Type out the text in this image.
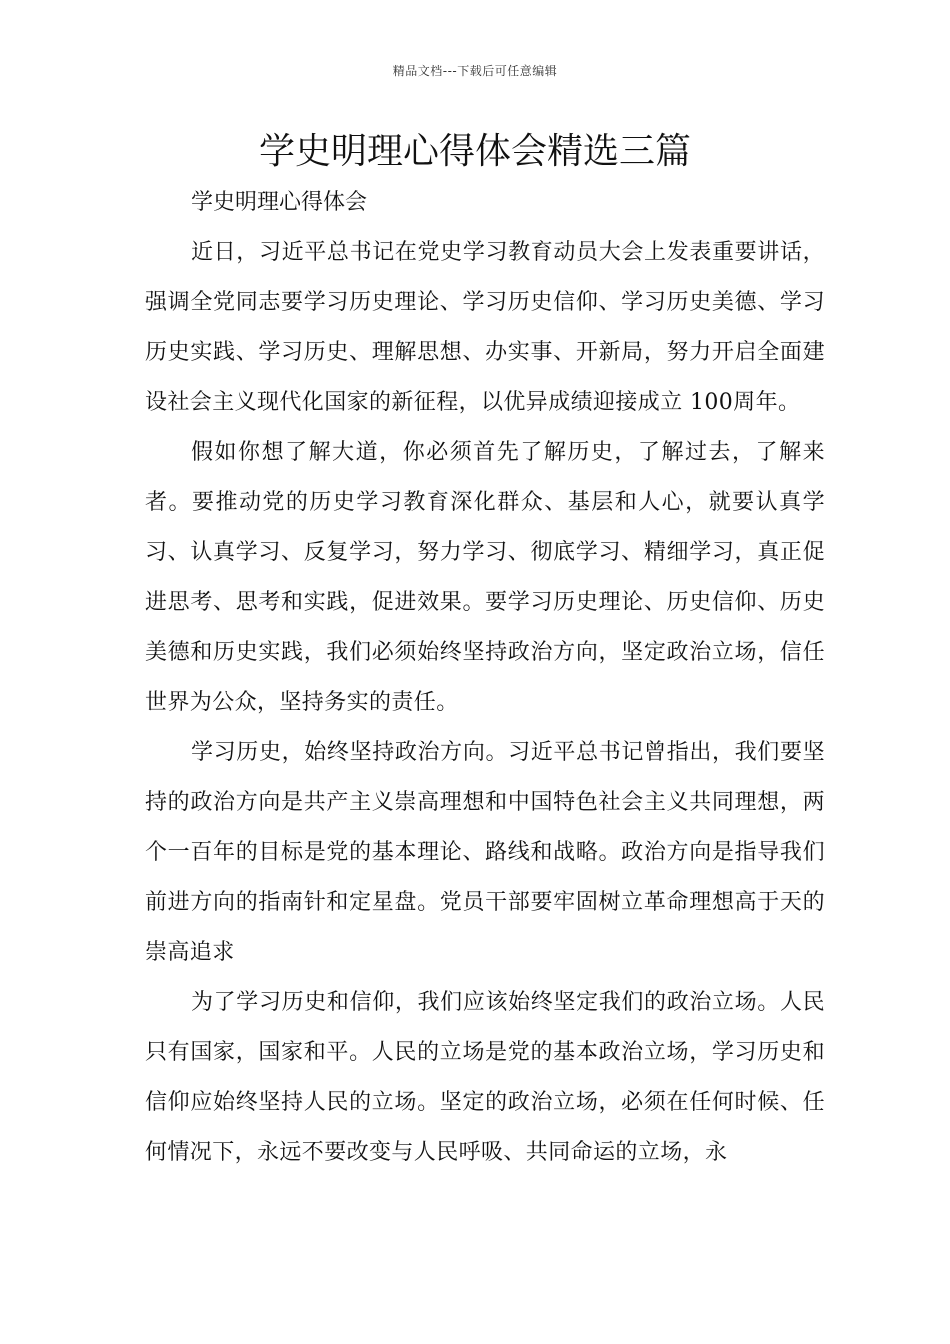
精品文档---下载后可任意编辑
学史明理心得体会精选三篇

学史明理心得体会

近日，习近平总书记在党史学习教育动员大会上发表重要讲话，强调全党同志要学习历史理论、学习历史信仰、学习历史美德、学习历史实践、学习历史、理解思想、办实事、开新局，努力开启全面建设社会主义现代化国家的新征程，以优异成绩迎接成立 100周年。

假如你想了解大道，你必须首先了解历史，了解过去，了解来者。要推动党的历史学习教育深化群众、基层和人心，就要认真学习、认真学习、反复学习，努力学习、彻底学习、精细学习，真正促进思考、思考和实践，促进效果。要学习历史理论、历史信仰、历史美德和历史实践，我们必须始终坚持政治方向，坚定政治立场，信任世界为公众，坚持务实的责任。

学习历史，始终坚持政治方向。习近平总书记曾指出，我们要坚持的政治方向是共产主义崇高理想和中国特色社会主义共同理想，两个一百年的目标是党的基本理论、路线和战略。政治方向是指导我们前进方向的指南针和定星盘。党员干部要牢固树立革命理想高于天的崇高追求

为了学习历史和信仰，我们应该始终坚定我们的政治立场。人民只有国家，国家和平。人民的立场是党的基本政治立场，学习历史和信仰应始终坚持人民的立场。坚定的政治立场，必须在任何时候、任何情况下，永远不要改变与人民呼吸、共同命运的立场，永
